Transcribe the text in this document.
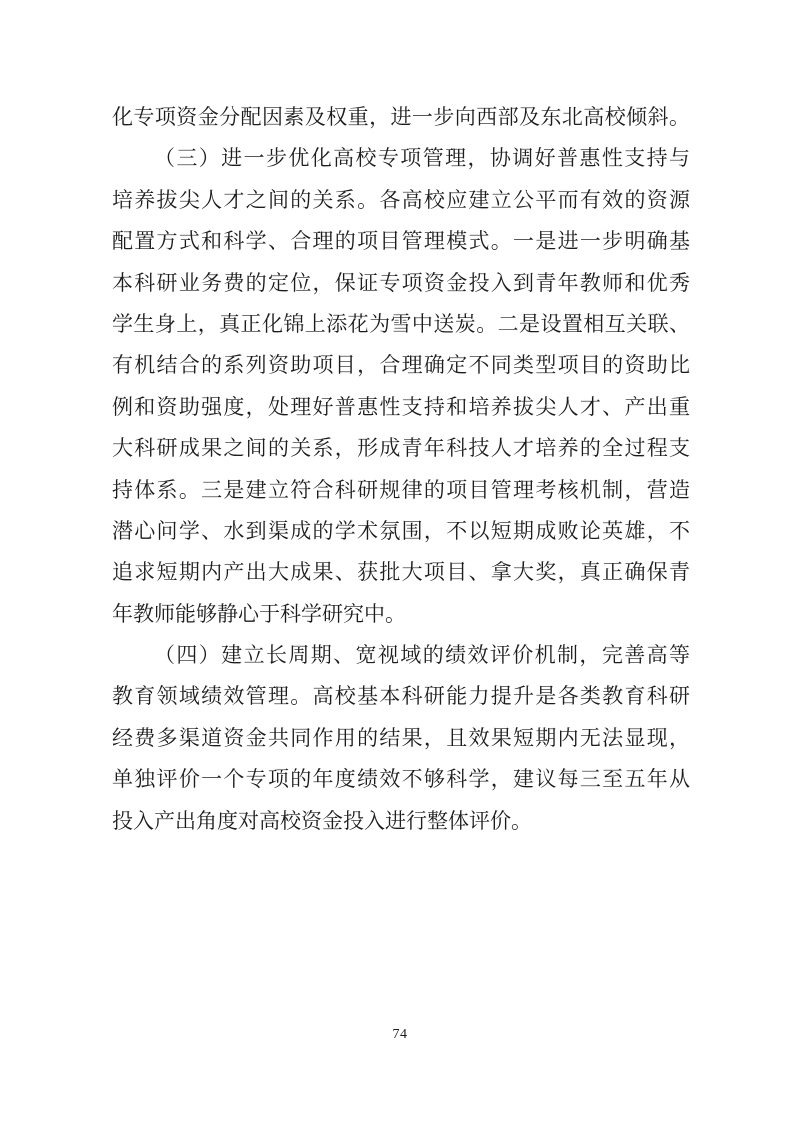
化专项资金分配因素及权重，进一步向西部及东北高校倾斜。
（三）进一步优化高校专项管理，协调好普惠性支持与
培养拔尖人才之间的关系。各高校应建立公平而有效的资源
配置方式和科学、合理的项目管理模式。一是进一步明确基
本科研业务费的定位，保证专项资金投入到青年教师和优秀
学生身上，真正化锦上添花为雪中送炭。二是设置相互关联、
有机结合的系列资助项目，合理确定不同类型项目的资助比
例和资助强度，处理好普惠性支持和培养拔尖人才、产出重
大科研成果之间的关系，形成青年科技人才培养的全过程支
持体系。三是建立符合科研规律的项目管理考核机制，营造
潜心问学、水到渠成的学术氛围，不以短期成败论英雄，不
追求短期内产出大成果、获批大项目、拿大奖，真正确保青
年教师能够静心于科学研究中。
（四）建立长周期、宽视域的绩效评价机制，完善高等
教育领域绩效管理。高校基本科研能力提升是各类教育科研
经费多渠道资金共同作用的结果，且效果短期内无法显现，
单独评价一个专项的年度绩效不够科学，建议每三至五年从
投入产出角度对高校资金投入进行整体评价。
74
